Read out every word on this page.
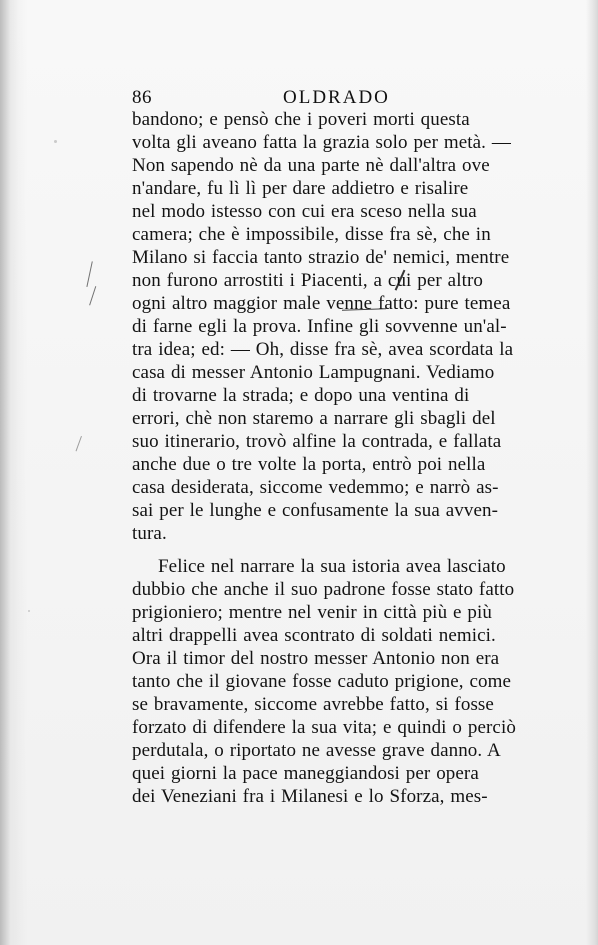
86	OLDRADO
bandono; e pensò che i poveri morti questa
volta gli aveano fatta la grazia solo per metà. —
Non sapendo nè da una parte nè dall'altra ove
n'andare, fu lì lì per dare addietro e risalire
nel modo istesso con cui era sceso nella sua
camera; che è impossibile, disse fra sè, che in
Milano si faccia tanto strazio de' nemici, mentre
non furono arrostiti i Piacenti, a cui per altro
ogni altro maggior male venne fatto: pure temea
di farne egli la prova. Infine gli sovvenne un'al-
tra idea; ed: — Oh, disse fra sè, avea scordata la
casa di messer Antonio Lampugnani. Vediamo
di trovarne la strada; e dopo una ventina di
errori, chè non staremo a narrare gli sbagli del
suo itinerario, trovò alfine la contrada, e fallata
anche due o tre volte la porta, entrò poi nella
casa desiderata, siccome vedemmo; e narrò as-
sai per le lunghe e confusamente la sua avven-
tura.
Felice nel narrare la sua istoria avea lasciato
dubbio che anche il suo padrone fosse stato fatto
prigioniero; mentre nel venir in città più e più
altri drappelli avea scontrato di soldati nemici.
Ora il timor del nostro messer Antonio non era
tanto che il giovane fosse caduto prigione, come
se bravamente, siccome avrebbe fatto, si fosse
forzato di difendere la sua vita; e quindi o perciò
perdutala, o riportato ne avesse grave danno. A
quei giorni la pace maneggiandosi per opera
dei Veneziani fra i Milanesi e lo Sforza, mes-
